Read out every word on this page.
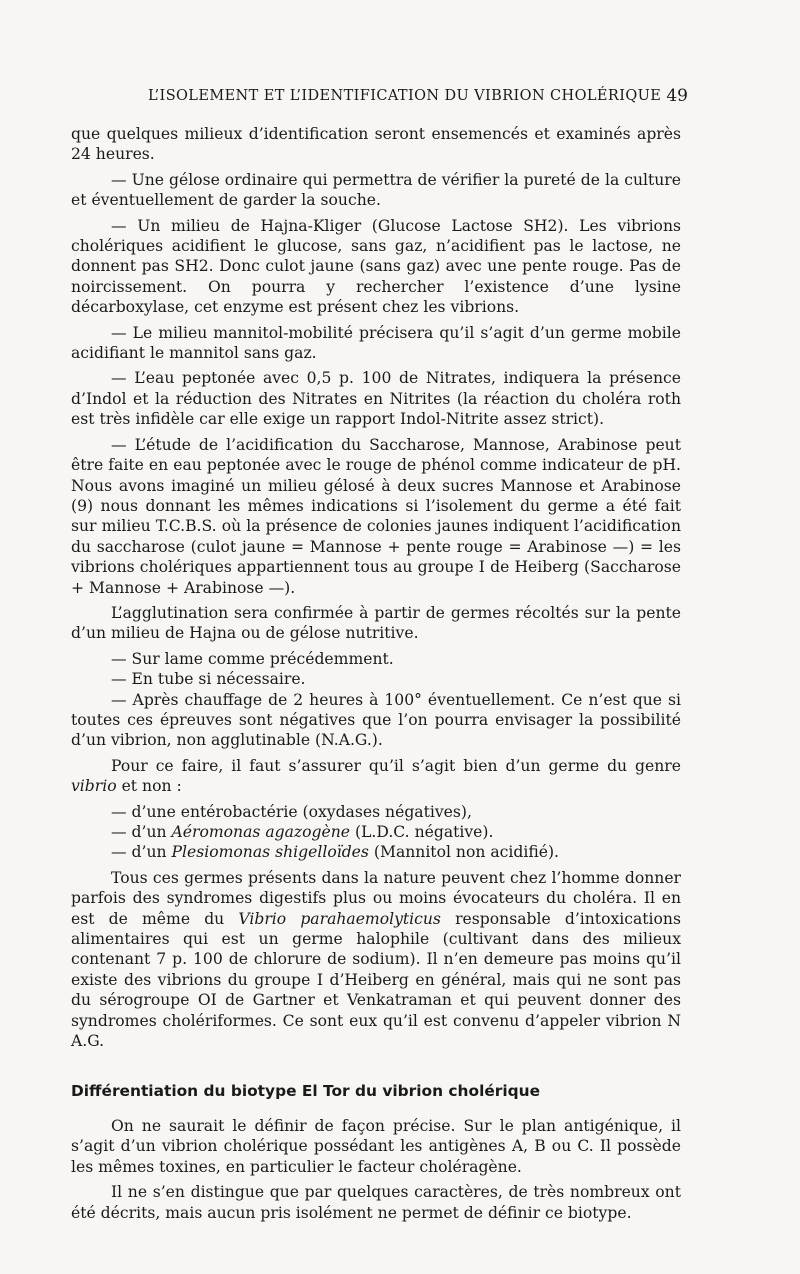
L’ISOLEMENT ET L’IDENTIFICATION DU VIBRION CHOLÉRIQUE 49

que quelques milieux d’identification seront ensemencés et examinés après 24 heures.

— Une gélose ordinaire qui permettra de vérifier la pureté de la culture et éventuellement de garder la souche.

— Un milieu de Hajna-Kliger (Glucose Lactose SH2). Les vibrions cholériques acidifient le glucose, sans gaz, n’acidifient pas le lactose, ne donnent pas SH2. Donc culot jaune (sans gaz) avec une pente rouge. Pas de noircissement. On pourra y rechercher l’existence d’une lysine décarboxylase, cet enzyme est présent chez les vibrions.

— Le milieu mannitol-mobilité précisera qu’il s’agit d’un germe mobile acidifiant le mannitol sans gaz.

— L’eau peptonée avec 0,5 p. 100 de Nitrates, indiquera la présence d’Indol et la réduction des Nitrates en Nitrites (la réaction du choléra roth est très infidèle car elle exige un rapport Indol-Nitrite assez strict).

— L’étude de l’acidification du Saccharose, Mannose, Arabinose peut être faite en eau peptonée avec le rouge de phénol comme indicateur de pH. Nous avons imaginé un milieu gélosé à deux sucres Mannose et Arabinose (9) nous donnant les mêmes indications si l’isolement du germe a été fait sur milieu T.C.B.S. où la présence de colonies jaunes indiquent l’acidification du saccharose (culot jaune = Mannose + pente rouge = Arabinose —) = les vibrions cholériques appartiennent tous au groupe I de Heiberg (Saccharose + Mannose + Arabinose —).

L’agglutination sera confirmée à partir de germes récoltés sur la pente d’un milieu de Hajna ou de gélose nutritive.

— Sur lame comme précédemment.

— En tube si nécessaire.

— Après chauffage de 2 heures à 100° éventuellement. Ce n’est que si toutes ces épreuves sont négatives que l’on pourra envisager la possibilité d’un vibrion, non agglutinable (N.A.G.).

Pour ce faire, il faut s’assurer qu’il s’agit bien d’un germe du genre vibrio et non :

— d’une entérobactérie (oxydases négatives),

— d’un Aéromonas agazogène (L.D.C. négative).

— d’un Plesiomonas shigelloïdes (Mannitol non acidifié).

Tous ces germes présents dans la nature peuvent chez l’homme donner parfois des syndromes digestifs plus ou moins évocateurs du choléra. Il en est de même du Vibrio parahaemolyticus responsable d’intoxications alimentaires qui est un germe halophile (cultivant dans des milieux contenant 7 p. 100 de chlorure de sodium). Il n’en demeure pas moins qu’il existe des vibrions du groupe I d’Heiberg en général, mais qui ne sont pas du sérogroupe OI de Gartner et Venkatraman et qui peuvent donner des syndromes cholériformes. Ce sont eux qu’il est convenu d’appeler vibrion N A.G.

Différentiation du biotype El Tor du vibrion cholérique

On ne saurait le définir de façon précise. Sur le plan antigénique, il s’agit d’un vibrion cholérique possédant les antigènes A, B ou C. Il possède les mêmes toxines, en particulier le facteur choléragène.

Il ne s’en distingue que par quelques caractères, de très nombreux ont été décrits, mais aucun pris isolément ne permet de définir ce biotype.
